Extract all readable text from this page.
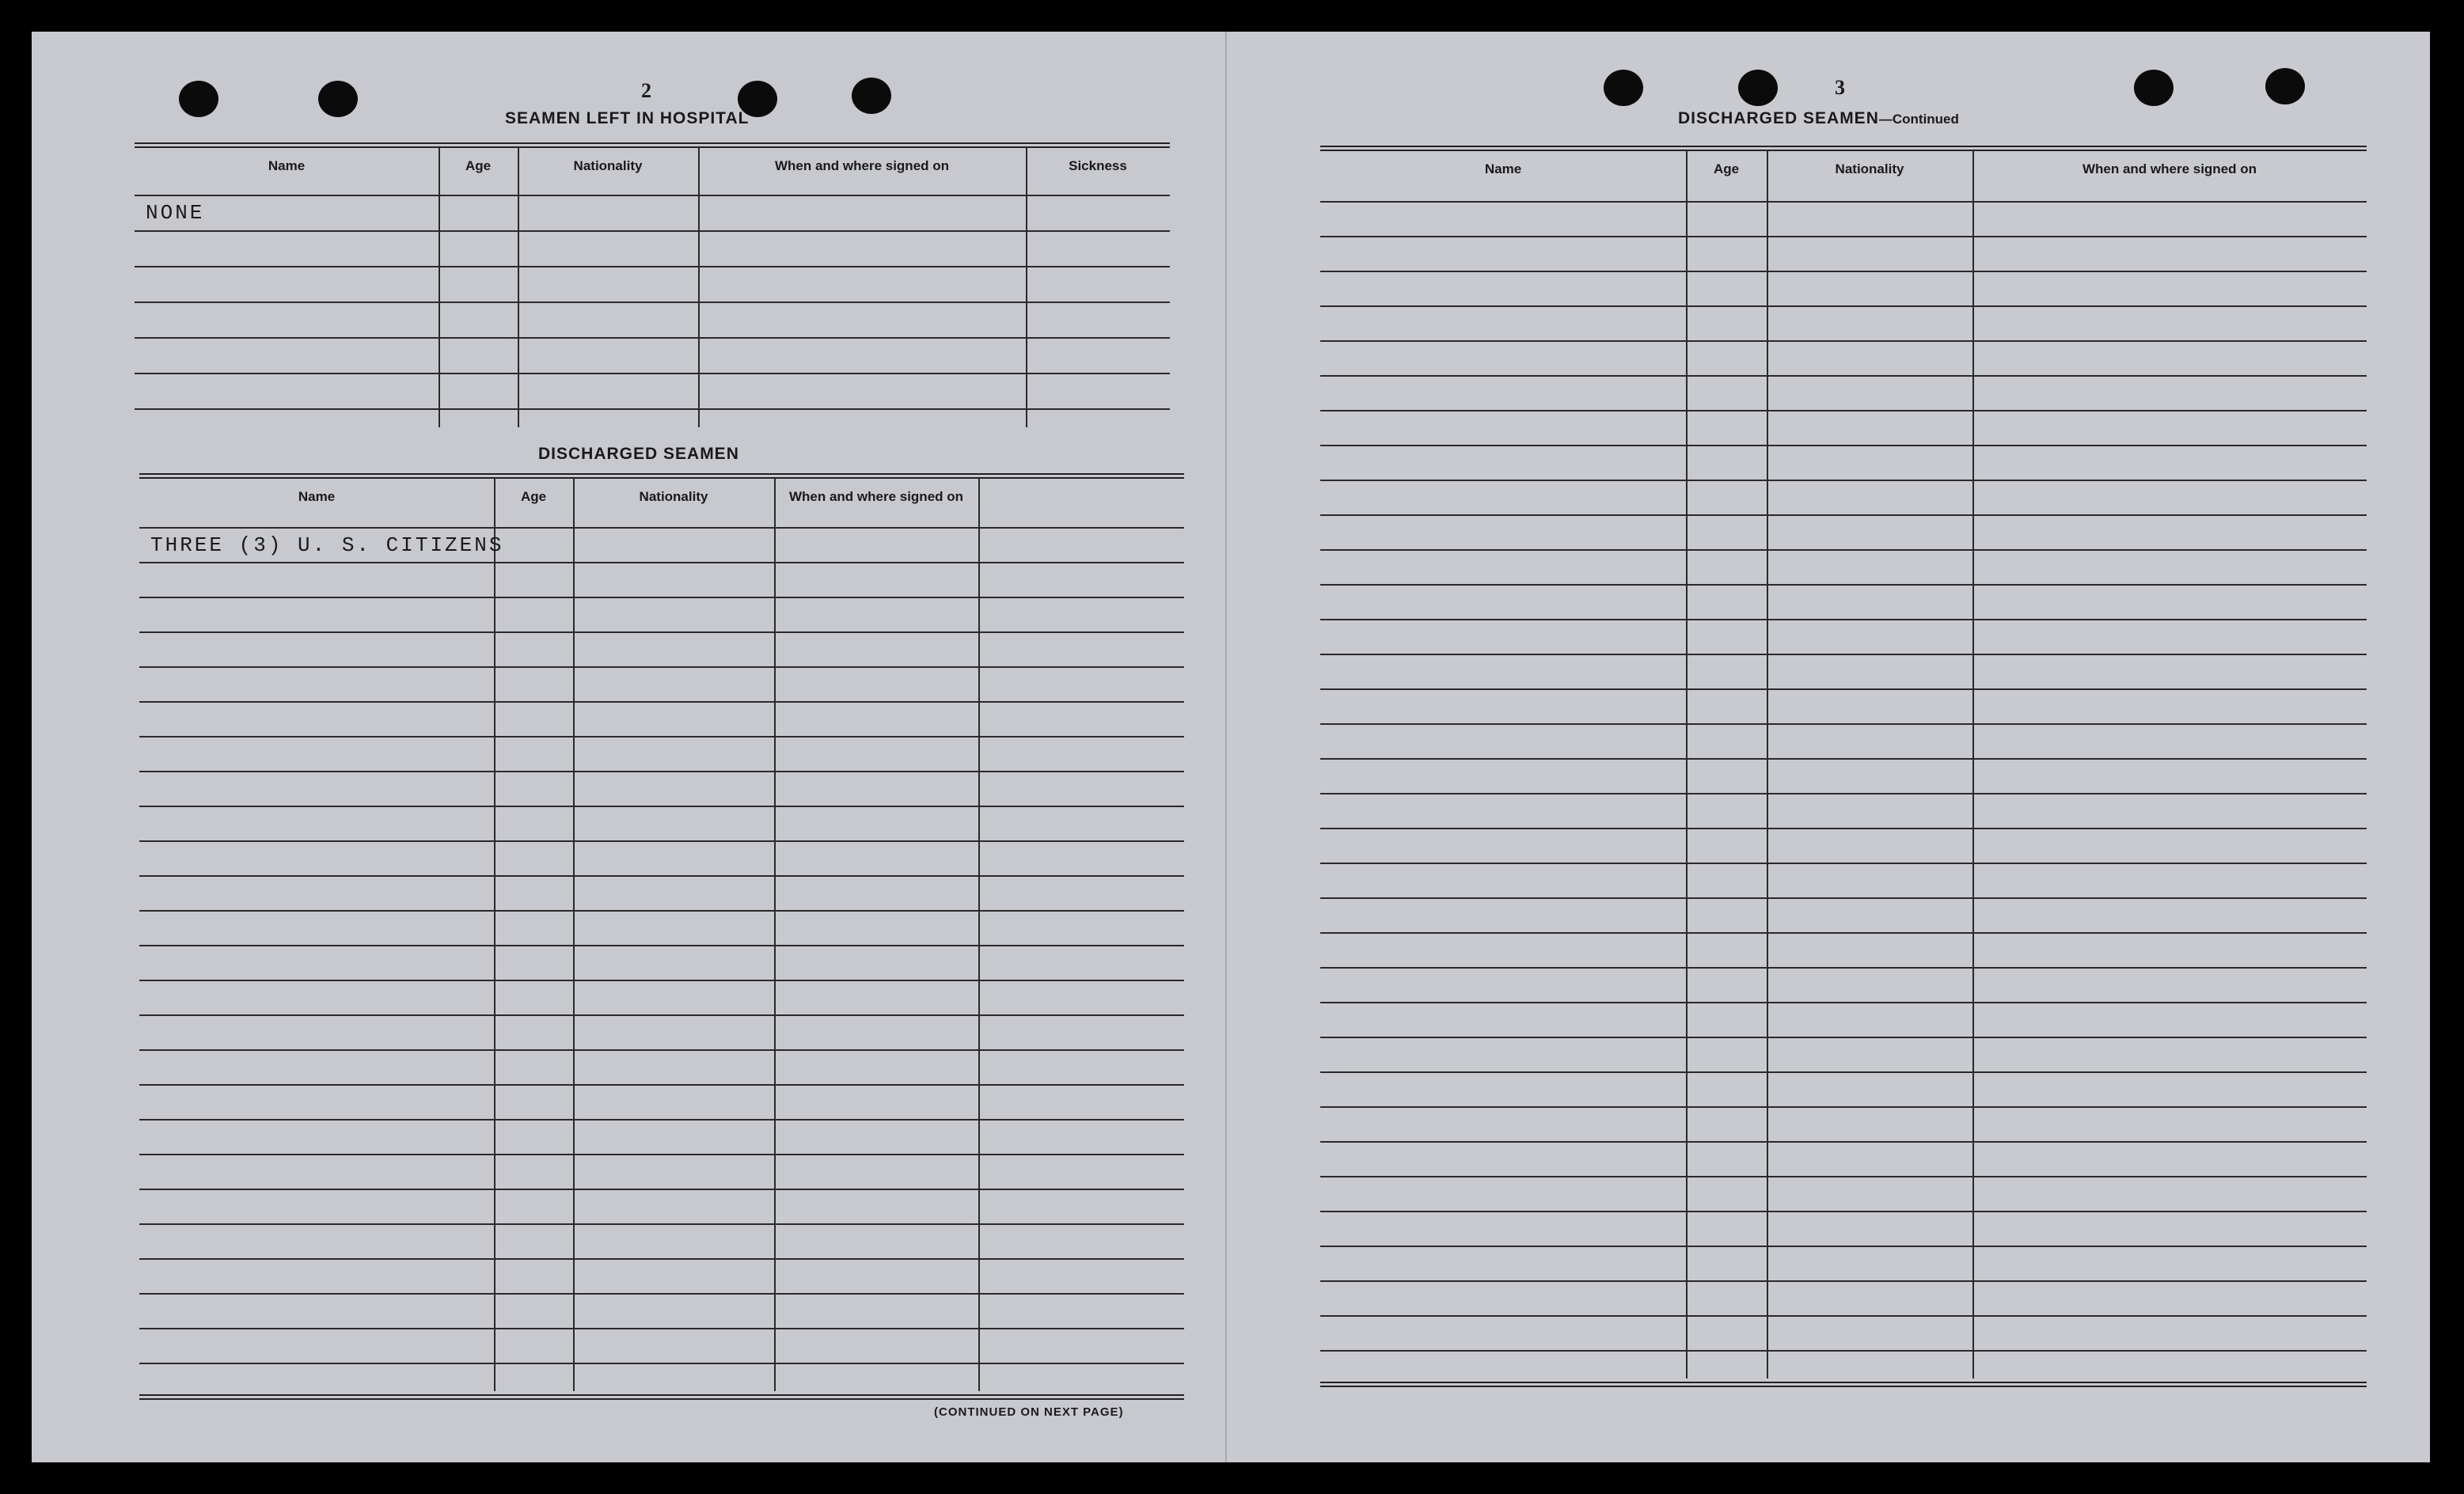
2
SEAMEN LEFT IN HOSPITAL
Name	Age	Nationality	When and where signed on	Sickness
NONE
DISCHARGED SEAMEN
Name	Age	Nationality	When and where signed on
THREE (3) U. S. CITIZENS
(CONTINUED ON NEXT PAGE)
3
DISCHARGED SEAMEN—Continued
Name	Age	Nationality	When and where signed on
